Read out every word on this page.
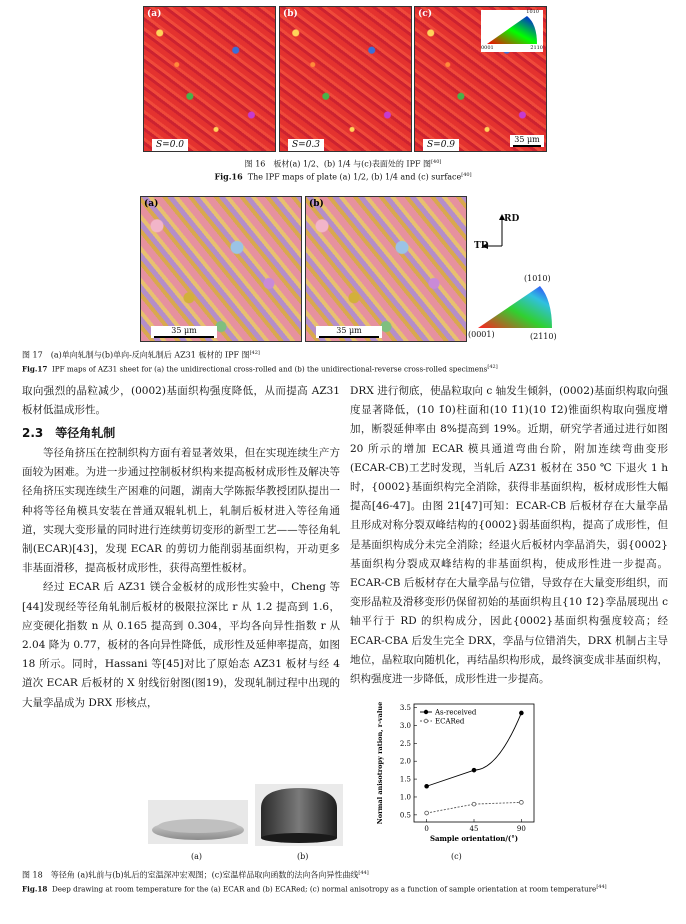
(a)
S=0.0
(b)
S=0.3
(c)
S=0.9
10̄10
0001	2̄110
35 μm
图 16　板材(a) 1/2、(b) 1/4 与(c)表面处的 IPF 图[40]
Fig.16 The IPF maps of plate (a) 1/2, (b) 1/4 and (c) surface[40]
(a)
35 μm
(b)
35 μm
RD
TD
(1010)
(0001)	(2110)
图 17　(a)单向轧制与(b)单向-反向轧制后 AZ31 板材的 IPF 图[42]
Fig.17 IPF maps of AZ31 sheet for (a) the unidirectional cross-rolled and (b) the unidirectional-reverse cross-rolled specimens[42]

取向强烈的晶粒减少，(0002)基面织构强度降低，从而提高 AZ31 板材低温成形性。

2.3　等径角轧制

等径角挤压在控制织构方面有着显著效果，但在实现连续生产方面较为困难。为进一步通过控制板材织构来提高板材成形性及解决等径角挤压实现连续生产困难的问题，湖南大学陈振华教授团队提出一种将等径角模具安装在普通双辊轧机上，轧制后板材进入等径角通道，实现大变形量的同时进行连续剪切变形的新型工艺——等径角轧制(ECAR)[43]，发现 ECAR 的剪切力能削弱基面织构，开动更多非基面滑移，提高板材成形性，获得高塑性板材。

经过 ECAR 后 AZ31 镁合金板材的成形性实验中，Cheng 等[44]发现经等径角轧制后板材的极限拉深比 r 从 1.2 提高到 1.6，应变硬化指数 n 从 0.165 提高到 0.304，平均各向异性指数 r 从 2.04 降为 0.77，板材的各向异性降低，成形性及延伸率提高，如图 18 所示。同时，Hassani 等[45]对比了原始态 AZ31 板材与经 4 道次 ECAR 后板材的 X 射线衍射图(图19)，发现轧制过程中出现的大量孪晶成为 DRX 形核点，

DRX 进行彻底，使晶粒取向 c 轴发生倾斜，(0002)基面织构取向强度显著降低，(10 1̄0)柱面和(10 1̄1)(10 1̄2)锥面织构取向强度增加，断裂延伸率由 8%提高到 19%。近期，研究学者通过进行如图 20 所示的增加 ECAR 模具通道弯曲台阶，附加连续弯曲变形(ECAR-CB)工艺时发现，当轧后 AZ31 板材在 350 ℃ 下退火 1 h 时，{0002}基面织构完全消除，获得非基面织构，板材成形性大幅提高[46-47]。由图 21[47]可知：ECAR-CB 后板材存在大量孪晶且形成对称分裂双峰结构的{0002}弱基面织构，提高了成形性，但是基面织构成分未完全消除；经退火后板材内孪晶消失，弱{0002}基面织构分裂成双峰结构的非基面织构，使成形性进一步提高。ECAR-CB 后板材存在大量孪晶与位错，导致存在大量变形组织，而变形晶粒及滑移变形仍保留初始的基面织构且{10 1̄2}孪晶展现出 c 轴平行于 RD 的织构成分，因此{0002}基面织构强度较高；经 ECAR-CBA 后发生完全 DRX，孪晶与位错消失，DRX 机制占主导地位，晶粒取向随机化，再结晶织构形成，最终演变成非基面织构，织构强度进一步降低，成形性进一步提高。

(a)	(b)
0.5
1.0
1.5
2.0
2.5
3.0
3.5
0	45	90
Sample orientation/(°)
Normal anisotropy ration, r-value	As-received
ECARed
(c)
图 18　等径角 (a)轧前与(b)轧后的室温深冲宏观图；(c)室温样品取向函数的法向各向异性曲线[44]
Fig.18 Deep drawing at room temperature for the (a) ECAR and (b) ECARed; (c) normal anisotropy as a function of sample orientation at room temperature[44]
